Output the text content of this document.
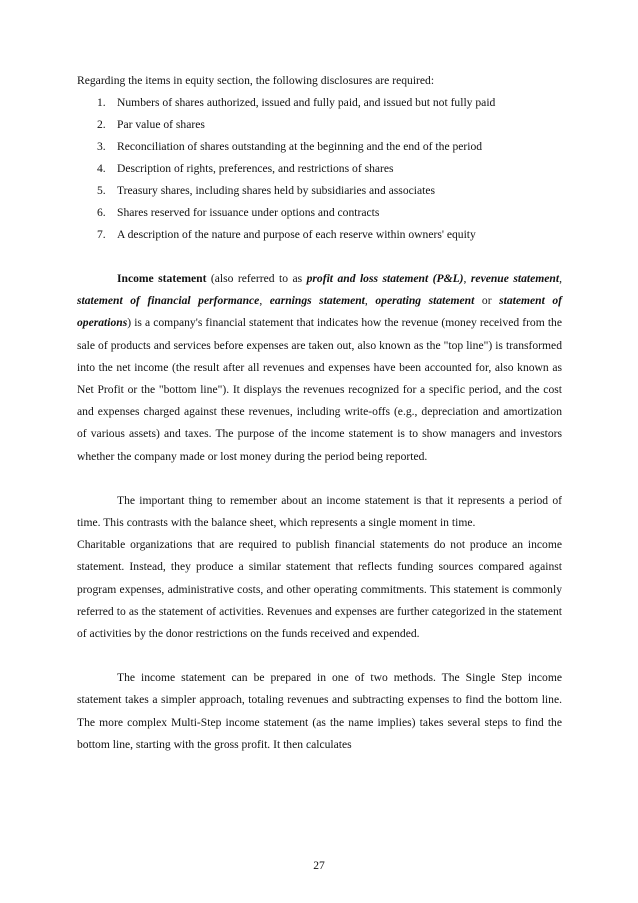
Regarding the items in equity section, the following disclosures are required:
1. Numbers of shares authorized, issued and fully paid, and issued but not fully paid
2. Par value of shares
3. Reconciliation of shares outstanding at the beginning and the end of the period
4. Description of rights, preferences, and restrictions of shares
5. Treasury shares, including shares held by subsidiaries and associates
6. Shares reserved for issuance under options and contracts
7. A description of the nature and purpose of each reserve within owners' equity

Income statement (also referred to as profit and loss statement (P&L), revenue statement, statement of financial performance, earnings statement, operating statement or statement of operations) is a company's financial statement that indicates how the revenue (money received from the sale of products and services before expenses are taken out, also known as the "top line") is transformed into the net income (the result after all revenues and expenses have been accounted for, also known as Net Profit or the "bottom line"). It displays the revenues recognized for a specific period, and the cost and expenses charged against these revenues, including write-offs (e.g., depreciation and amortization of various assets) and taxes. The purpose of the income statement is to show managers and investors whether the company made or lost money during the period being reported.

The important thing to remember about an income statement is that it represents a period of time. This contrasts with the balance sheet, which represents a single moment in time.

Charitable organizations that are required to publish financial statements do not produce an income statement. Instead, they produce a similar statement that reflects funding sources compared against program expenses, administrative costs, and other operating commitments. This statement is commonly referred to as the statement of activities. Revenues and expenses are further categorized in the statement of activities by the donor restrictions on the funds received and expended.

The income statement can be prepared in one of two methods. The Single Step income statement takes a simpler approach, totaling revenues and subtracting expenses to find the bottom line. The more complex Multi-Step income statement (as the name implies) takes several steps to find the bottom line, starting with the gross profit. It then calculates

27
